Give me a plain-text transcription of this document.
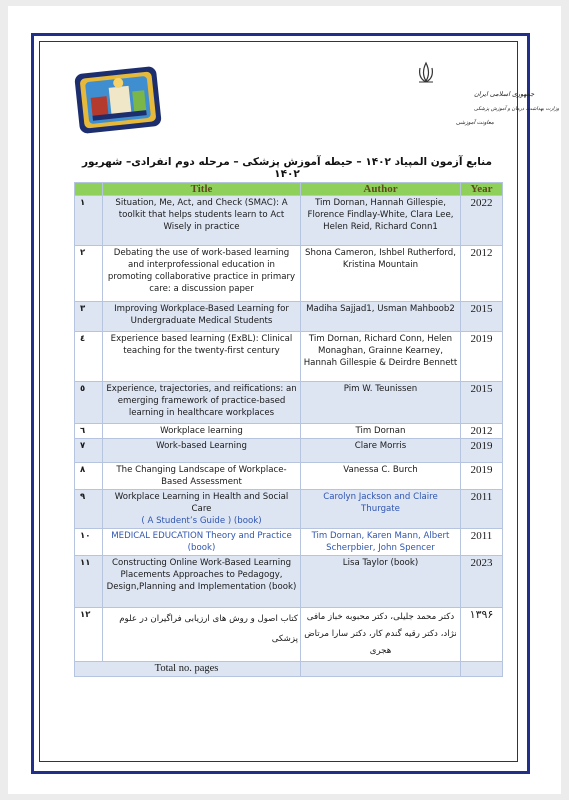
جمهوری اسلامی ایران
وزارت بهداشت، درمان و آموزش پزشکی
معاونت آموزشی
منابع آزمون المپیاد ۱۴۰۲ – حیطه آموزش پزشکی – مرحله دوم انفرادی– شهریور ۱۴۰۲
	Title	Author	Year
١	Situation, Me, Act, and Check (SMAC): A toolkit that helps students learn to Act Wisely in practice	Tim Dornan, Hannah Gillespie, Florence Findlay-White, Clara Lee, Helen Reid, Richard Conn1	2022
٢	Debating the use of work-based learning and interprofessional education in promoting collaborative practice in primary care: a discussion paper	Shona Cameron, Ishbel Rutherford, Kristina Mountain	2012
٣	Improving Workplace-Based Learning for Undergraduate Medical Students	Madiha Sajjad1, Usman Mahboob2	2015
٤	Experience based learning (ExBL): Clinical teaching for the twenty-first century	Tim Dornan, Richard Conn, Helen Monaghan, Grainne Kearney, Hannah Gillespie & Deirdre Bennett	2019
٥	Experience, trajectories, and reifications: an emerging framework of practice-based learning in healthcare workplaces	Pim W. Teunissen	2015
٦	Workplace learning	Tim Dornan	2012
٧	Work-based Learning	Clare Morris	2019
٨	The Changing Landscape of Workplace-Based Assessment	Vanessa C. Burch	2019
٩	Workplace Learning in Health and Social Care
( A Student’s Guide ) (book)	Carolyn Jackson and Claire Thurgate	2011
١٠	MEDICAL EDUCATION Theory and Practice (book)	Tim Dornan, Karen Mann, Albert Scherpbier, John Spencer	2011
١١	Constructing Online Work-Based Learning Placements Approaches to Pedagogy, Design,Planning and Implementation (book)	Lisa Taylor (book)	2023
١٢	کتاب اصول و روش های ارزیابی فراگیران در علوم پزشکی	دکتر محمد جلیلی، دکتر محبوبه خباز مافی نژاد، دکتر رقیه گندم کار، دکتر سارا مرتاض هجری	۱۳۹۶
Total no. pages			
